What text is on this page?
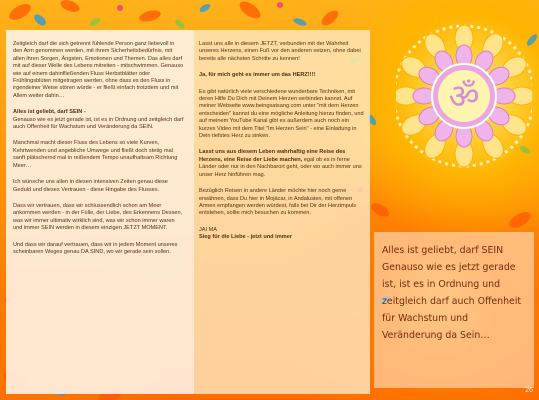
ॐ

Zeitgleich darf die sich getrennt fühlende Person ganz liebevoll in den Arm genommen werden, mit ihrem Sicherheitsbedürfnis, mit allen ihren Sorgen, Ängsten, Emotionen und Themen. Das alles darf mit auf dieser Welle des Lebens mitreiten - mitschwimmen. Genauso wie auf einem dahinfließenden Fluss Herbstblätter oder Frühlingsblüten mitgetragen werden, ohne dass es den Fluss in irgendeiner Weise stören würde - er fließt einfach trotzdem und mit Allem weiter dahin…

Alles ist geliebt, darf SEIN -
Genauso wie es jetzt gerade ist, ist es in Ordnung und zeitgleich darf auch Offenheit für Wachstum und Veränderung da SEIN.

Manchmal macht dieser Fluss des Lebens so viele Kurven, Kehrtwenden und angebliche Umwege und fließt doch stetig mal sanft plätschernd mal in reißendem Tempo unaufhaltsam Richtung Meer…

Ich wünsche uns allen in diesen intensiven Zeiten genau diese Geduld und dieses Vertrauen - diese Hingabe des Flusses.

Dass wir vertrauen, dass wir schlussendlich schon am Meer ankommen werden - in der Fülle, der Liebe, des Erkennens Dessen, was wir immer ultimativ wirklich sind, was wir schon immer waren und immer SEIN werden in diesem einzigen JETZT MOMENT.

Und dass wir darauf vertrauen, dass wir in jedem Moment unseres scheinbaren Weges genau DA SIND, wo wir gerade sein sollen.

Lasst uns alle in diesem JETZT, verbunden mit der Wahrheit unseres Herzens, einen Fuß vor den anderen setzen, ohne dabei bereits alle nächsten Schritte zu kennen!

Ja, für mich geht es immer um das HERZ!!!!

Es gibt natürlich viele verschiedene wunderbare Techniken, mit deren Hilfe Du Dich mit Deinem Herzen verbinden kannst. Auf meiner Webseite www.beingsatsang.com unter "mit dem Herzen entscheiden" kannst du eine mögliche Anleitung hierzu finden, und auf meinem YouTube Kanal gibt es außerdem auch noch ein kurzes Video mit dem Titel "Im Herzen Sein" - eine Einladung in Dein tiefstes Herz zu sinken.

Lasst uns aus diesem Leben wahrhaftig eine Reise des Herzens, eine Reise der Liebe machen, egal ob es in ferne Länder oder nur in den Nachbarort geht, oder wo auch immer uns unser Herz hinführen mag.

Bezüglich Reisen in andere Länder möchte hier noch gerne erwähnen, dass Du hier in Mojácar, in Andalusien, mit offenen Armen empfangen werden würdest, falls bei Dir der Herzimpuls entstehen, sollte mich besuchen zu kommen.

JAI MA
Sieg für die Liebe - jetzt und immer

Alles ist geliebt, darf SEIN Genauso wie es jetzt gerade ist, ist es in Ordnung und zeitgleich darf auch Offenheit für Wachstum und Veränderung da Sein…
26
